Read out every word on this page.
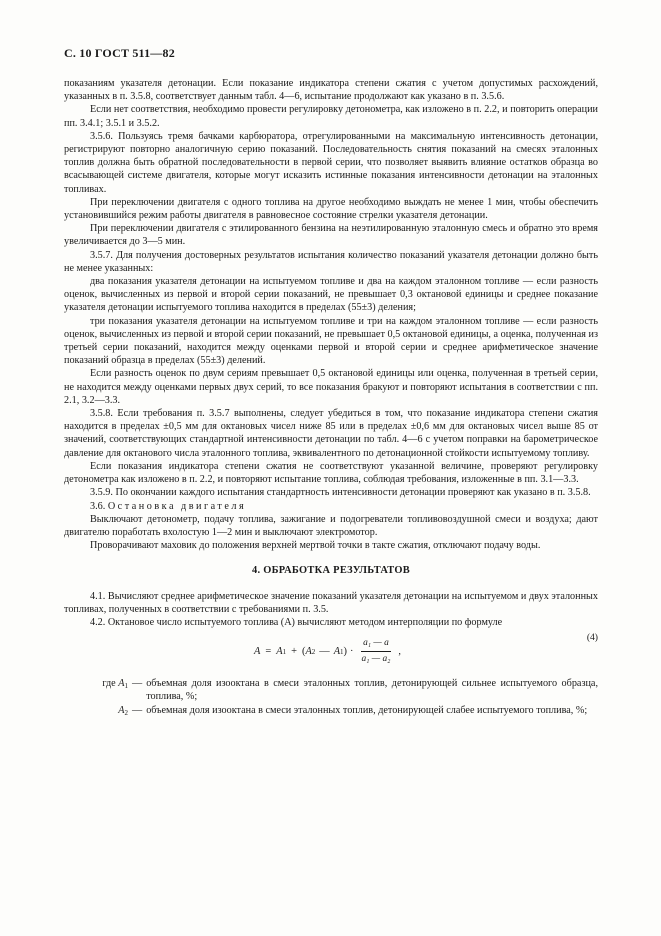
С. 10 ГОСТ 511—82

показаниям указателя детонации. Если показание индикатора степени сжатия с учетом допустимых расхождений, указанных в п. 3.5.8, соответствует данным табл. 4—6, испытание продолжают как указано в п. 3.5.6.

Если нет соответствия, необходимо провести регулировку детонометра, как изложено в п. 2.2, и повторить операции пп. 3.4.1; 3.5.1 и 3.5.2.

3.5.6. Пользуясь тремя бачками карбюратора, отрегулированными на максимальную интенсивность детонации, регистрируют повторно аналогичную серию показаний. Последовательность снятия показаний на смесях эталонных топлив должна быть обратной последовательности в первой серии, что позволяет выявить влияние остатков образца во всасывающей системе двигателя, которые могут исказить истинные показания интенсивности детонации на эталонных топливах.

При переключении двигателя с одного топлива на другое необходимо выждать не менее 1 мин, чтобы обеспечить установившийся режим работы двигателя в равновесное состояние стрелки указателя детонации.

При переключении двигателя с этилированного бензина на неэтилированную эталонную смесь и обратно это время увеличивается до 3—5 мин.

3.5.7. Для получения достоверных результатов испытания количество показаний указателя детонации должно быть не менее указанных:

два показания указателя детонации на испытуемом топливе и два на каждом эталонном топливе — если разность оценок, вычисленных из первой и второй серии показаний, не превышает 0,3 октановой единицы и среднее показание указателя детонации испытуемого топлива находится в пределах (55±3) деления;

три показания указателя детонации на испытуемом топливе и три на каждом эталонном топливе — если разность оценок, вычисленных из первой и второй серии показаний, не превышает 0,5 октановой единицы, а оценка, полученная из третьей серии показаний, находится между оценками первой и второй серии и среднее арифметическое значение показаний образца в пределах (55±3) делений.

Если разность оценок по двум сериям превышает 0,5 октановой единицы или оценка, полученная в третьей серии, не находится между оценками первых двух серий, то все показания бракуют и повторяют испытания в соответствии с пп. 2.1, 3.2—3.3.

3.5.8. Если требования п. 3.5.7 выполнены, следует убедиться в том, что показание индикатора степени сжатия находится в пределах ±0,5 мм для октановых чисел ниже 85 или в пределах ±0,6 мм для октановых чисел выше 85 от значений, соответствующих стандартной интенсивности детонации по табл. 4—6 с учетом поправки на барометрическое давление для октанового числа эталонного топлива, эквивалентного по детонационной стойкости испытуемому топливу.

Если показания индикатора степени сжатия не соответствуют указанной величине, проверяют регулировку детонометра как изложено в п. 2.2, и повторяют испытание топлива, соблюдая требования, изложенные в пп. 3.1—3.3.

3.5.9. По окончании каждого испытания стандартность интенсивности детонации проверяют как указано в п. 3.5.8.

3.6. Остановка двигателя

Выключают детонометр, подачу топлива, зажигание и подогреватели топливовоздушной смеси и воздуха; дают двигателю поработать вхолостую 1—2 мин и выключают электромотор.

Проворачивают маховик до положения верхней мертвой точки в такте сжатия, отключают подачу воды.

4. ОБРАБОТКА РЕЗУЛЬТАТОВ

4.1. Вычисляют среднее арифметическое значение показаний указателя детонации на испытуемом и двух эталонных топливах, полученных в соответствии с требованиями п. 3.5.

4.2. Октановое число испытуемого топлива (А) вычисляют методом интерполяции по формуле

A = A 1 + ( A 2 — A 1 ) · $\frac{\text{a₁ — a}}{\text{a₁ — a₂}}$ ,
(4)
где $A_1$ — объемная доля изооктана в смеси эталонных топлив, детонирующей сильнее испытуемого образца, топлива, %;
$A_2$ — объемная доля изооктана в смеси эталонных топлив, детонирующей слабее испытуемого топлива, %;
